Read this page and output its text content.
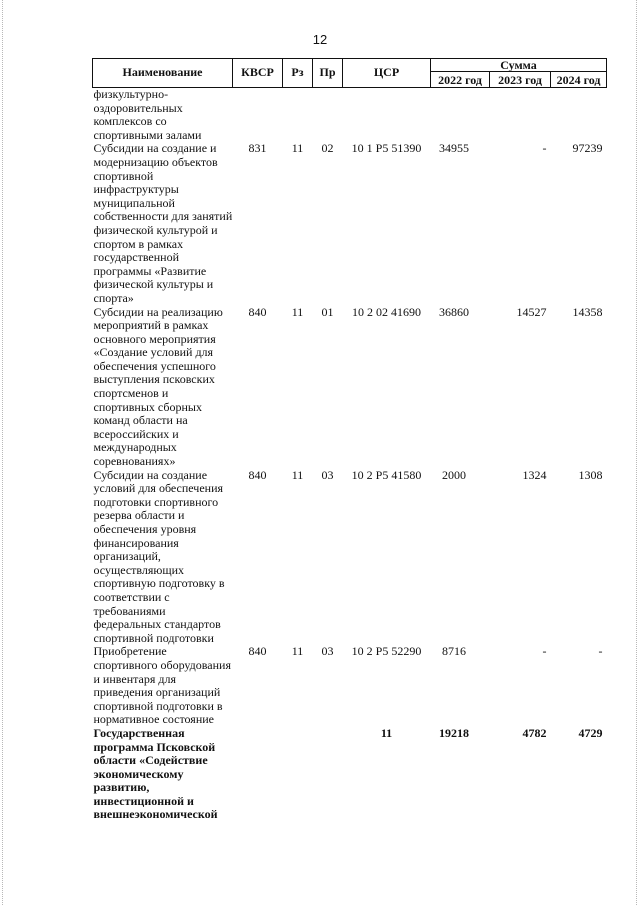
12
Наименование	КВСР	Рз	Пр	ЦСР	Сумма		
					2022 год	2023 год	2024 год
физкультурно-оздоровительных комплексов со спортивными залами							
Субсидии на создание и модернизацию объектов спортивной инфраструктуры муниципальной собственности для занятий физической культурой и спортом в рамках государственной программы «Развитие физической культуры и спорта»	831	11	02	10 1 P5 51390	34955	-	97239
Субсидии на реализацию мероприятий в рамках основного мероприятия «Создание условий для обеспечения успешного выступления псковских спортсменов и спортивных сборных команд области на всероссийских и международных соревнованиях»	840	11	01	10 2 02 41690	36860	14527	14358
Субсидии на создание условий для обеспечения подготовки спортивного резерва области и обеспечения уровня финансирования организаций, осуществляющих спортивную подготовку в соответствии с требованиями федеральных стандартов спортивной подготовки	840	11	03	10 2 P5 41580	2000	1324	1308
Приобретение спортивного оборудования и инвентаря для приведения организаций спортивной подготовки в нормативное состояние	840	11	03	10 2 P5 52290	8716	-	-
Государственная программа Псковской области «Содействие экономическому развитию, инвестиционной и внешнеэкономической				11	19218	4782	4729
